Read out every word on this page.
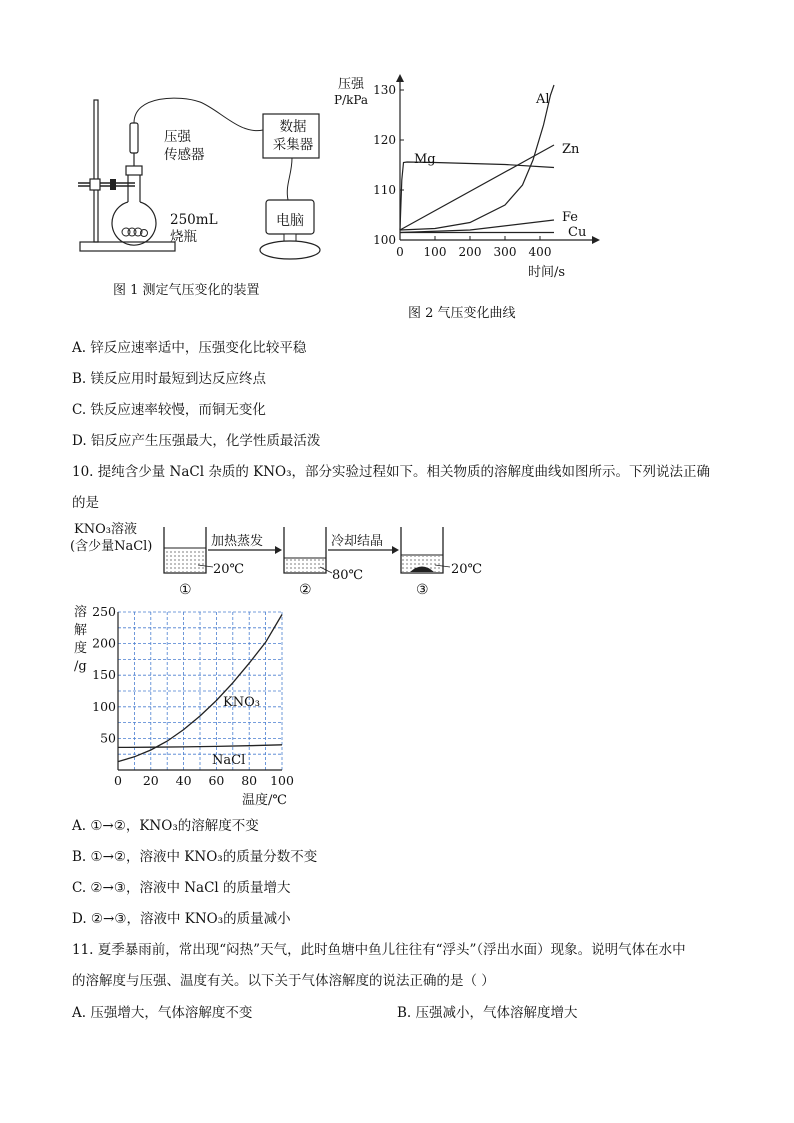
压强
传感器
数据
采集器
电脑
250mL
烧瓶
图 1 测定气压变化的装置
100
110
120
130
0 100 200 300 400
压强
P/kPa
时间/s
Al
Zn
Mg
Fe
Cu
图 2 气压变化曲线
A. 锌反应速率适中，压强变化比较平稳
B. 镁反应用时最短到达反应终点
C. 铁反应速率较慢，而铜无变化
D. 铝反应产生压强最大，化学性质最活泼
10. 提纯含少量 NaCl 杂质的 KNO₃，部分实验过程如下。相关物质的溶解度曲线如图所示。下列说法正确
的是
KNO₃溶液
(含少量NaCl)	加热蒸发	冷却结晶
20℃	80℃	20℃
①	②	③
50
100
150
200
250
0 20 40 60 80 100
溶
解
度
/g
温度/℃
KNO₃
NaCl
A. ①→②，KNO₃的溶解度不变
B. ①→②，溶液中 KNO₃的质量分数不变
C. ②→③，溶液中 NaCl 的质量增大
D. ②→③，溶液中 KNO₃的质量减小
11. 夏季暴雨前，常出现“闷热”天气，此时鱼塘中鱼儿往往有“浮头”（浮出水面）现象。说明气体在水中
的溶解度与压强、温度有关。以下关于气体溶解度的说法正确的是（ ）
A. 压强增大，气体溶解度不变	B. 压强减小，气体溶解度增大
